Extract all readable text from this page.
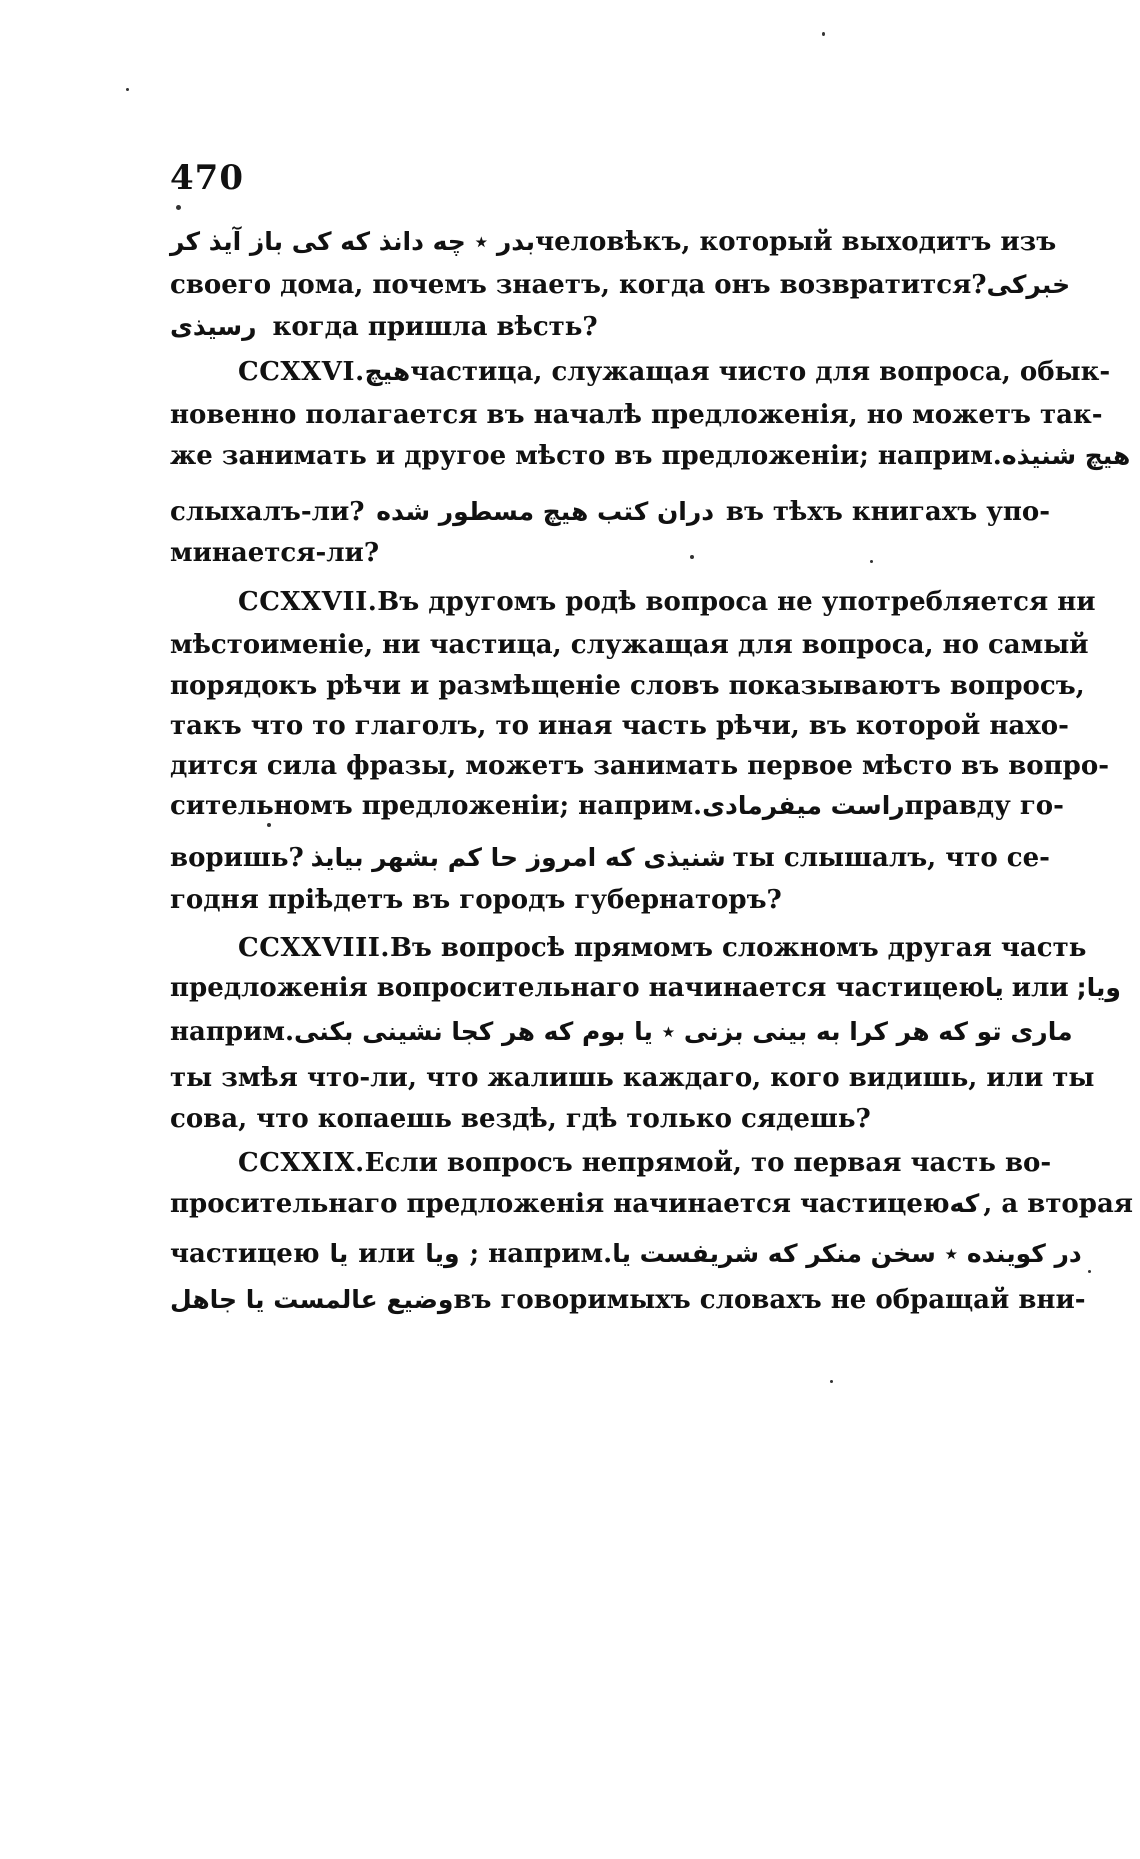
470
بدر ٭ چه دانذ که کی باز آیذ کر человѣкъ, который выходитъ изъ
своего дома, почемъ знаетъ, когда онъ возвратится? خبرکی
رسیذی когда пришла вѣсть?
CCXXVI. هیچ частица, служащая чисто для вопроса, обык-
новенно полагается въ началѣ предложенія, но можетъ так-
же занимать и другое мѣсто въ предложеніи; наприм. هیچ شنیذه
слыхалъ-ли? دران کتب هیچ مسطور شده въ тѣхъ книгахъ упо-
минается-ли?
CCXXVII. Въ другомъ родѣ вопроса не употребляется ни
мѣстоименіе, ни частица, служащая для вопроса, но самый
порядокъ рѣчи и размѣщеніе словъ показываютъ вопросъ,
такъ что то глаголъ, то иная часть рѣчи, въ которой нахо-
дится сила фразы, можетъ занимать первое мѣсто въ вопро-
сительномъ предложеніи; наприм. راست میفرمادی правду го-
воришь? شنیذی که امروز حا کم بشهر بیایذ ты слышалъ, что се-
годня пріѣдетъ въ городъ губернаторъ?
CCXXVIII. Въ вопросѣ прямомъ сложномъ другая часть
предложенія вопросительнаго начинается частицею یا или ویا;
наприм. ماری تو که هر کرا به بینی بزنی ٭ یا بوم که هر کجا نشینی بکنی
ты змѣя что-ли, что жалишь каждаго, кого видишь, или ты
сова, что копаешь вездѣ, гдѣ только сядешь?
CCXXIX. Если вопросъ непрямой, то первая часть во-
просительнаго предложенія начинается частицею که , а вторая
частицею یا или ویا ; наприм. در کوینده ٭ سخن منکر که شریفست یا
وضیع عالمست یا جاهل въ говоримыхъ словахъ не обращай вни-
